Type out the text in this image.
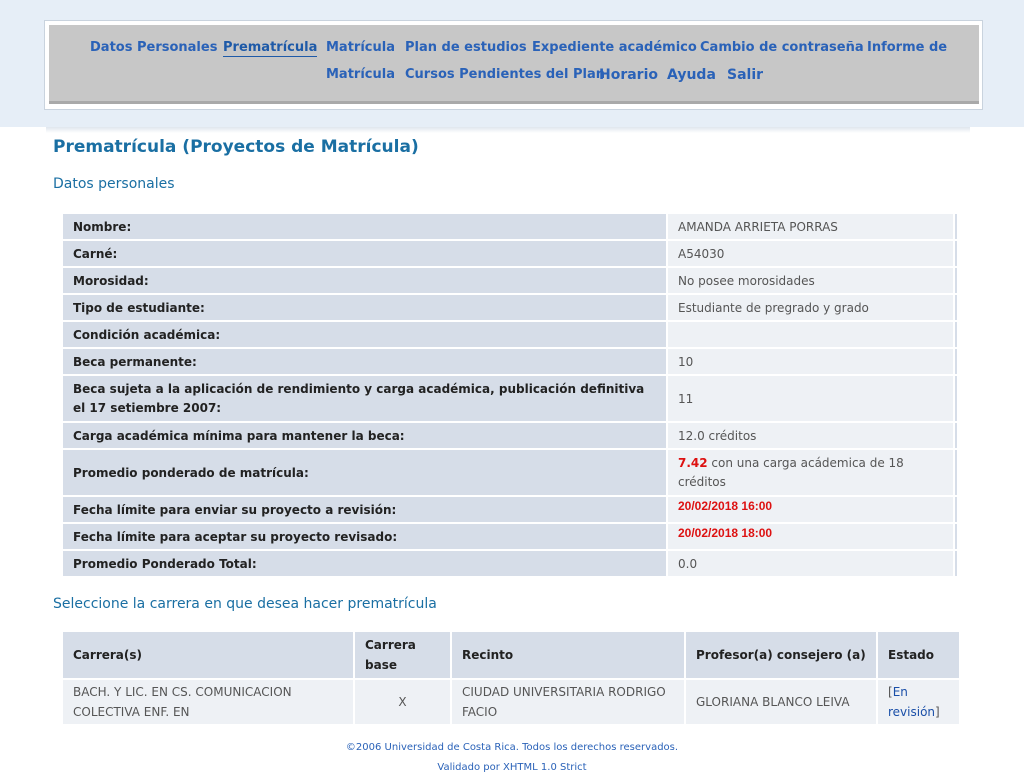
Datos Personales Prematrícula Matrícula Plan de estudios Expediente académico Cambio de contraseña Informe de
Matrícula Cursos Pendientes del Plan
Horario Ayuda Salir
Prematrícula (Proyectos de Matrícula)
Datos personales
Nombre:	AMANDA ARRIETA PORRAS	
Carné:	A54030	
Morosidad:	No posee morosidades	
Tipo de estudiante:	Estudiante de pregrado y grado	
Condición académica:		
Beca permanente:	10	
Beca sujeta a la aplicación de rendimiento y carga académica, publicación definitiva el 17 setiembre 2007:	11	
Carga académica mínima para mantener la beca:	12.0 créditos	
Promedio ponderado de matrícula:	7.42 con una carga acádemica de 18 créditos	
Fecha límite para enviar su proyecto a revisión:	20/02/2018 16:00	
Fecha límite para aceptar su proyecto revisado:	20/02/2018 18:00	
Promedio Ponderado Total:	0.0	
Seleccione la carrera en que desea hacer prematrícula
Carrera(s)	Carrera base	Recinto	Profesor(a) consejero (a)	Estado
BACH. Y LIC. EN CS. COMUNICACION COLECTIVA ENF. EN	X	CIUDAD UNIVERSITARIA RODRIGO FACIO	GLORIANA BLANCO LEIVA	[En revisión]
©2006 Universidad de Costa Rica. Todos los derechos reservados.
Validado por XHTML 1.0 Strict
